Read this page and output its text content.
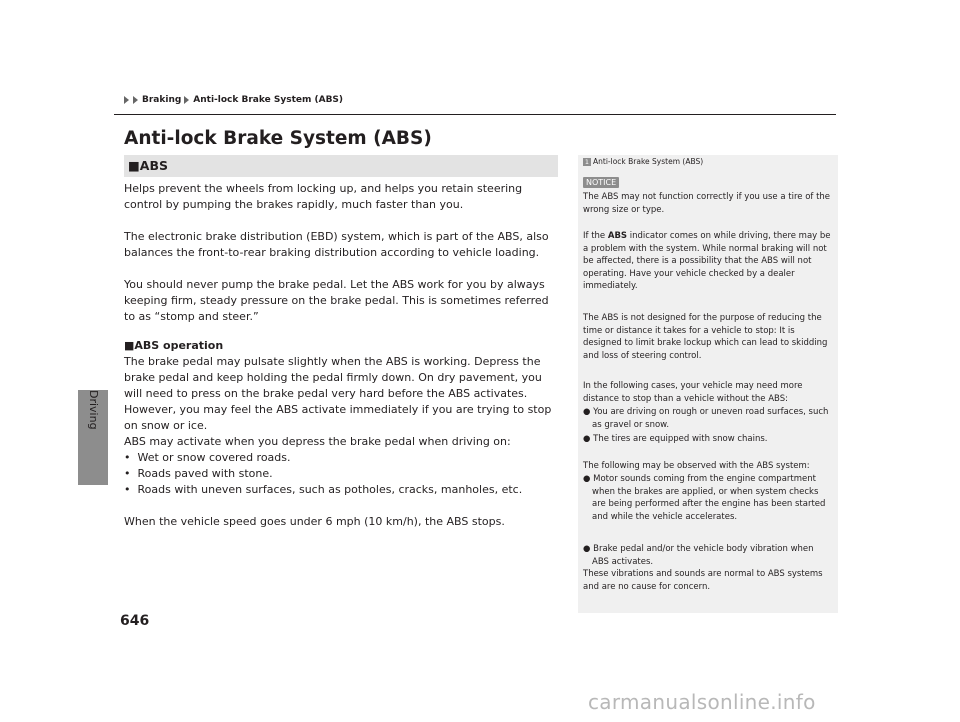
Driving
Braking Anti-lock Brake System (ABS)
Anti-lock Brake System (ABS)
■ABS
Helps prevent the wheels from locking up, and helps you retain steering control by pumping the brakes rapidly, much faster than you.
The electronic brake distribution (EBD) system, which is part of the ABS, also balances the front-to-rear braking distribution according to vehicle loading.
You should never pump the brake pedal. Let the ABS work for you by always keeping firm, steady pressure on the brake pedal. This is sometimes referred to as “stomp and steer.”
■ABS operation
The brake pedal may pulsate slightly when the ABS is working. Depress the brake pedal and keep holding the pedal firmly down. On dry pavement, you will need to press on the brake pedal very hard before the ABS activates. However, you may feel the ABS activate immediately if you are trying to stop on snow or ice.
ABS may activate when you depress the brake pedal when driving on:
•  Wet or snow covered roads.
•  Roads paved with stone.
•  Roads with uneven surfaces, such as potholes, cracks, manholes, etc.
When the vehicle speed goes under 6 mph (10 km/h), the ABS stops.
1 Anti-lock Brake System (ABS)
NOTICE
The ABS may not function correctly if you use a tire of the wrong size or type.
If the ABS indicator comes on while driving, there may be a problem with the system. While normal braking will not be affected, there is a possibility that the ABS will not operating. Have your vehicle checked by a dealer immediately.
The ABS is not designed for the purpose of reducing the time or distance it takes for a vehicle to stop: It is designed to limit brake lockup which can lead to skidding and loss of steering control.
In the following cases, your vehicle may need more distance to stop than a vehicle without the ABS:
● You are driving on rough or uneven road surfaces, such as gravel or snow.
● The tires are equipped with snow chains.
The following may be observed with the ABS system:
● Motor sounds coming from the engine compartment when the brakes are applied, or when system checks are being performed after the engine has been started and while the vehicle accelerates.
● Brake pedal and/or the vehicle body vibration when ABS activates.
These vibrations and sounds are normal to ABS systems and are no cause for concern.
646
carmanualsonline.info
